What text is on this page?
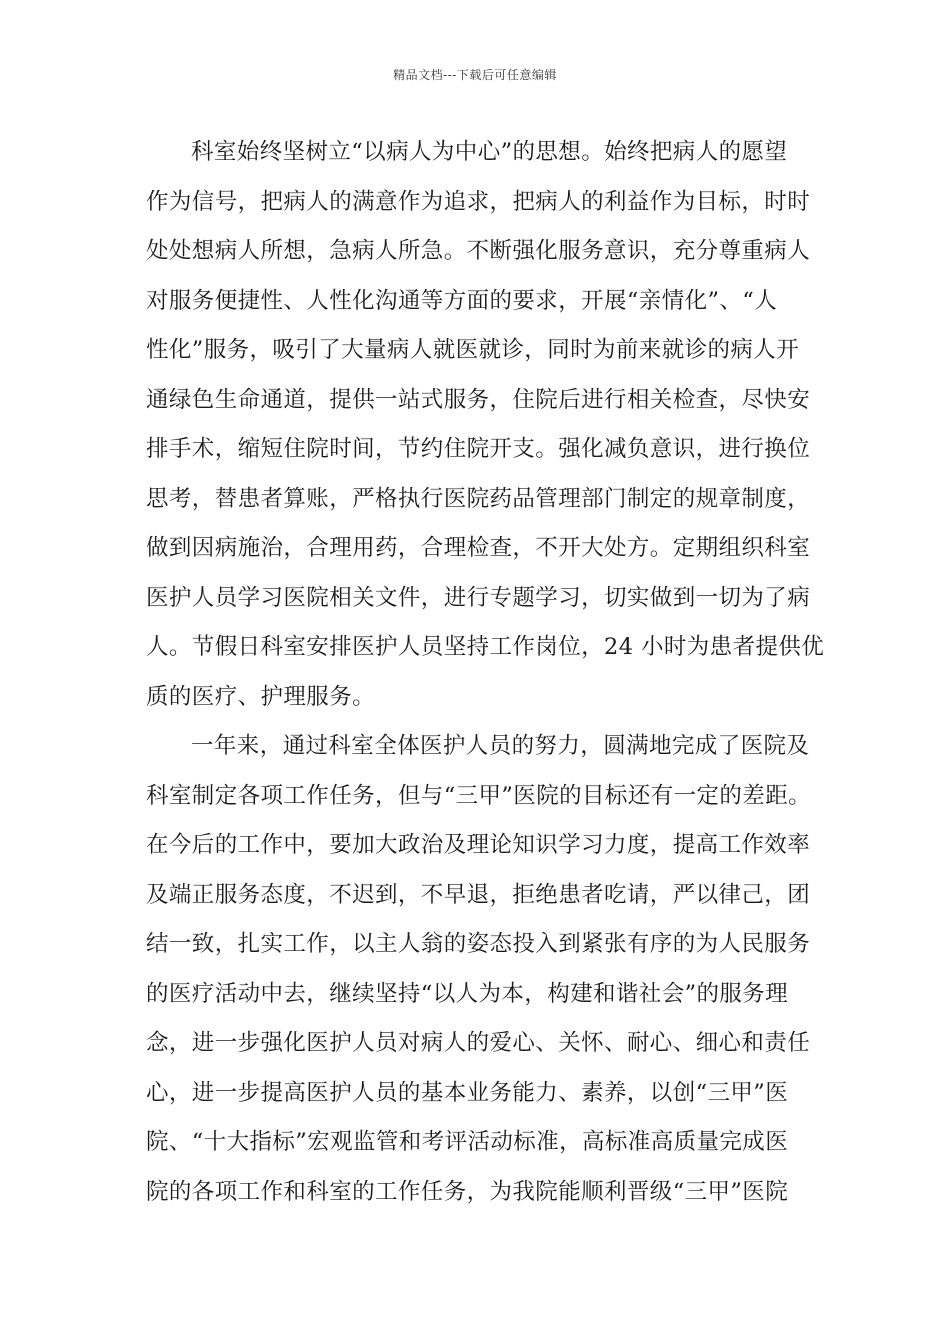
精品文档---下载后可任意编辑
科室始终坚树立“以病人为中心”的思想。始终把病人的愿望
作为信号，把病人的满意作为追求，把病人的利益作为目标，时时
处处想病人所想，急病人所急。不断强化服务意识，充分尊重病人
对服务便捷性、人性化沟通等方面的要求，开展“亲情化”、“人
性化”服务，吸引了大量病人就医就诊，同时为前来就诊的病人开
通绿色生命通道，提供一站式服务，住院后进行相关检查，尽快安
排手术，缩短住院时间，节约住院开支。强化减负意识，进行换位
思考，替患者算账，严格执行医院药品管理部门制定的规章制度，
做到因病施治，合理用药，合理检查，不开大处方。定期组织科室
医护人员学习医院相关文件，进行专题学习，切实做到一切为了病
人。节假日科室安排医护人员坚持工作岗位，24 小时为患者提供优
质的医疗、护理服务。
一年来，通过科室全体医护人员的努力，圆满地完成了医院及
科室制定各项工作任务，但与“三甲”医院的目标还有一定的差距。
在今后的工作中，要加大政治及理论知识学习力度，提高工作效率
及端正服务态度，不迟到，不早退，拒绝患者吃请，严以律己，团
结一致，扎实工作，以主人翁的姿态投入到紧张有序的为人民服务
的医疗活动中去，继续坚持“以人为本，构建和谐社会”的服务理
念，进一步强化医护人员对病人的爱心、关怀、耐心、细心和责任
心，进一步提高医护人员的基本业务能力、素养，以创“三甲”医
院、“十大指标”宏观监管和考评活动标准，高标准高质量完成医
院的各项工作和科室的工作任务，为我院能顺利晋级“三甲”医院
